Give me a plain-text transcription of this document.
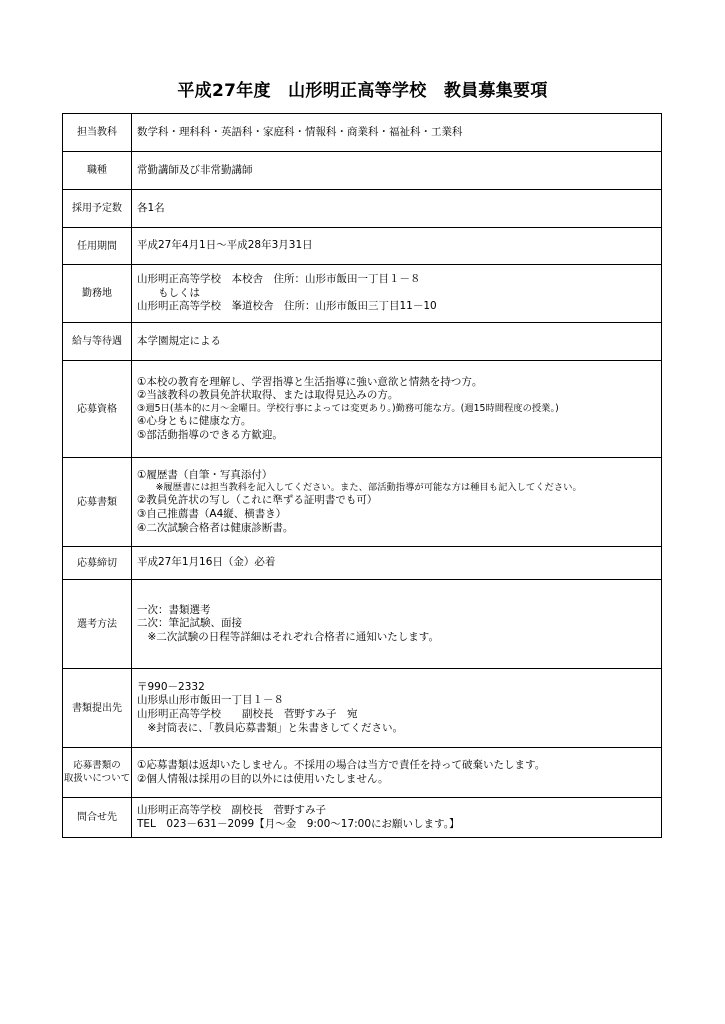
平成27年度　山形明正高等学校　教員募集要項
担当教科	数学科・理科科・英語科・家庭科・情報科・商業科・福祉科・工業科

職種	常勤講師及び非常勤講師

採用予定数	各1名

任用期間	平成27年4月1日～平成28年3月31日

勤務地	山形明正高等学校　本校舎　住所：山形市飯田一丁目１－８
　　もしくは
山形明正高等学校　峯道校舎　住所：山形市飯田三丁目11－10

給与等待遇	本学園規定による

応募資格	①本校の教育を理解し、学習指導と生活指導に強い意欲と情熱を持つ方。
②当該教科の教員免許状取得、または取得見込みの方。
③週5日(基本的に月～金曜日。学校行事によっては変更あり。)勤務可能な方。(週15時間程度の授業。)
④心身ともに健康な方。
⑤部活動指導のできる方歓迎。

応募書類	①履歴書（自筆・写真添付）
　　※履歴書には担当教科を記入してください。また、部活動指導が可能な方は種目も記入してください。
②教員免許状の写し（これに準ずる証明書でも可）
③自己推薦書（A4縦、横書き）
④二次試験合格者は健康診断書。

応募締切	平成27年1月16日（金）必着

選考方法	一次：書類選考
二次：筆記試験、面接
　※二次試験の日程等詳細はそれぞれ合格者に通知いたします。

書類提出先	〒990－2332
山形県山形市飯田一丁目１－８
山形明正高等学校　　副校長　菅野すみ子　宛
　※封筒表に、「教員応募書類」と朱書きしてください。

応募書類の
取扱いについて	①応募書類は返却いたしません。不採用の場合は当方で責任を持って破棄いたします。
②個人情報は採用の目的以外には使用いたしません。

問合せ先	山形明正高等学校　副校長　菅野すみ子
TEL　023－631－2099【月～金　9:00～17:00にお願いします。】
